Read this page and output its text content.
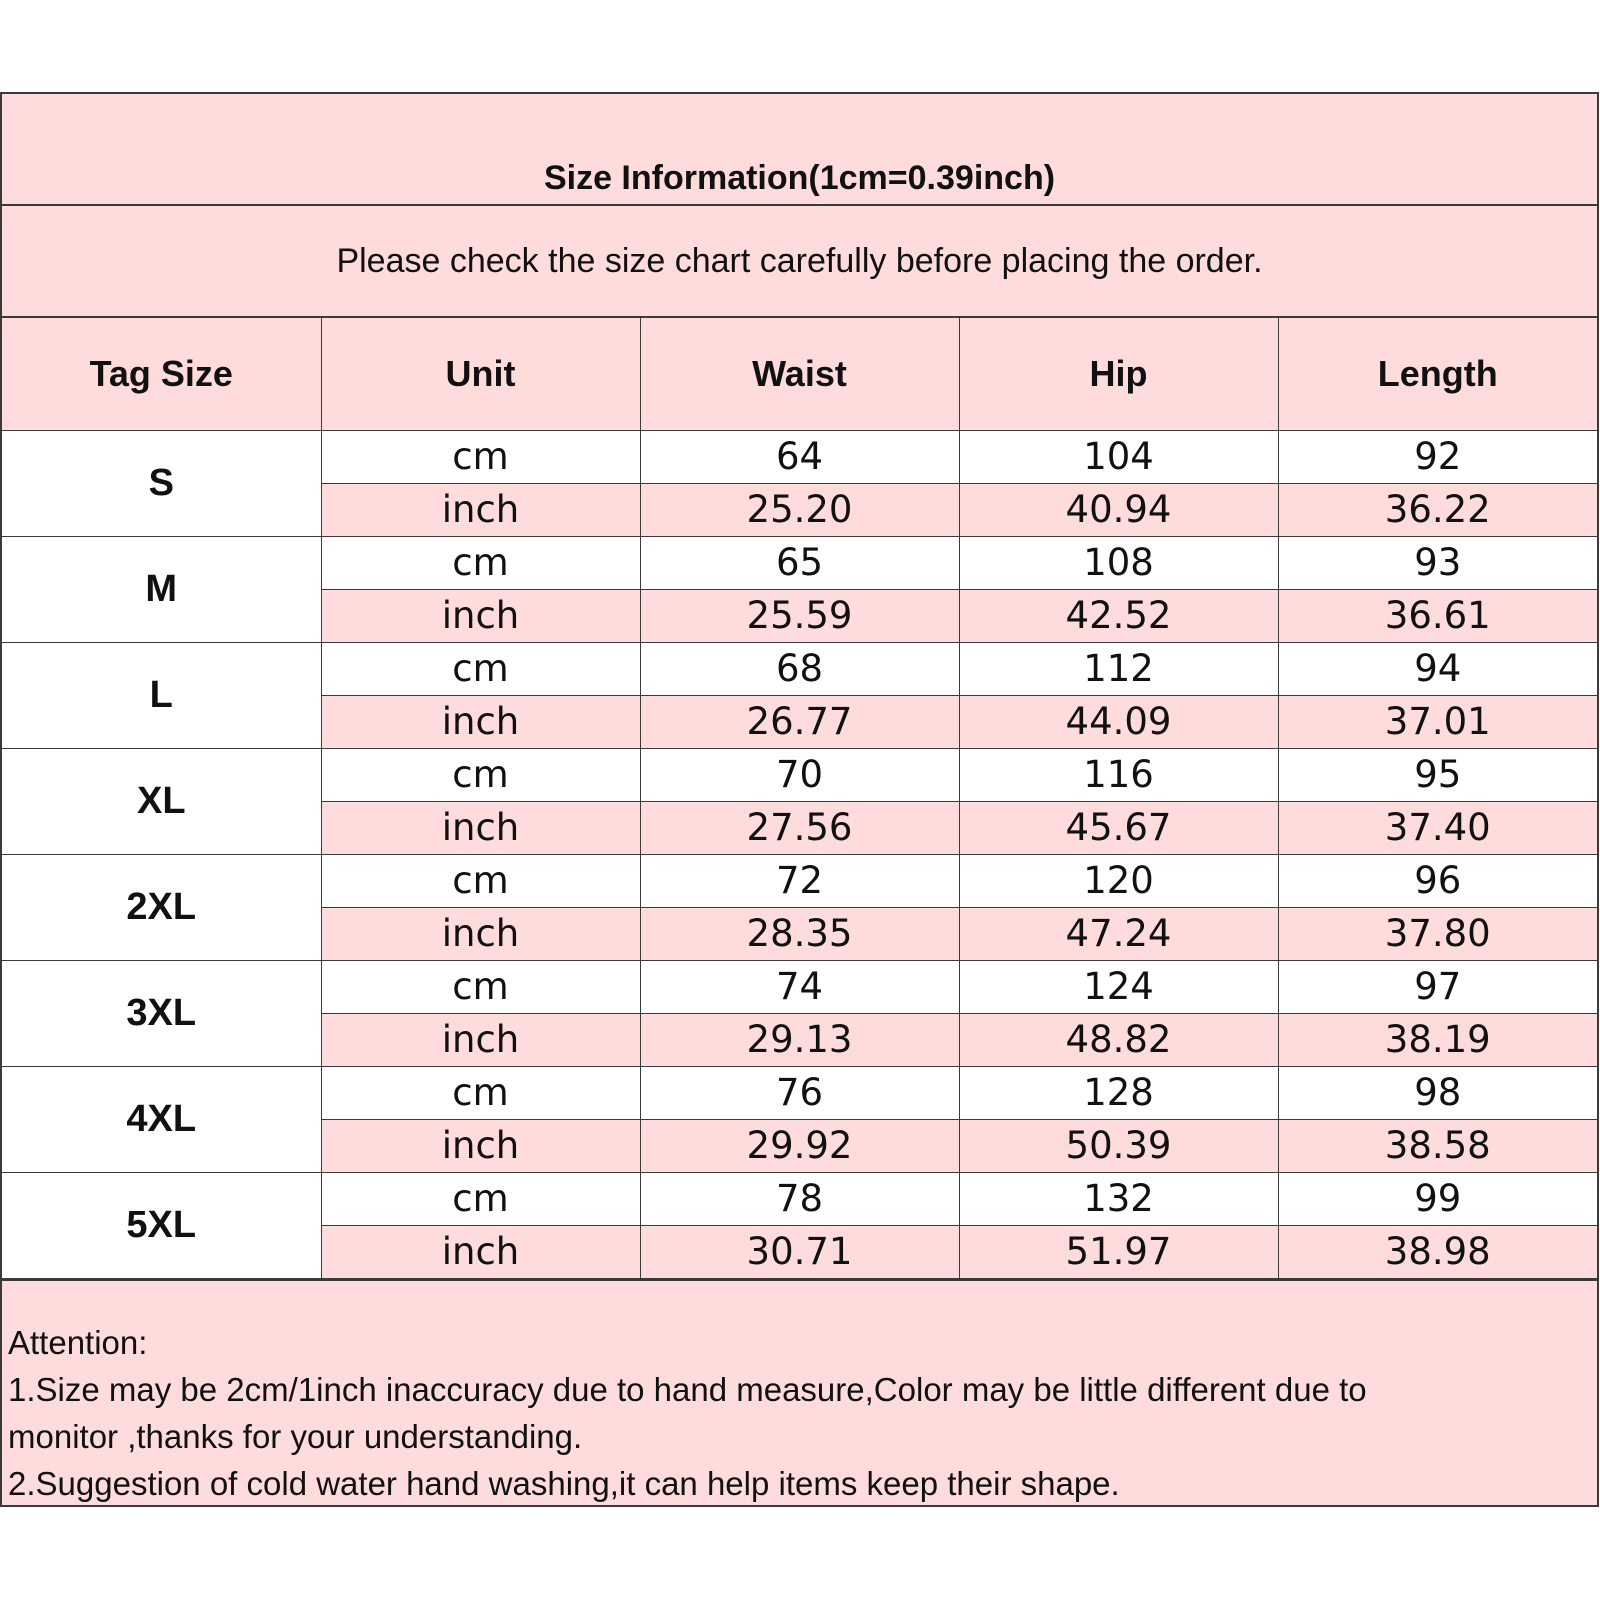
Size Information(1cm=0.39inch)
Please check the size chart carefully before placing the order.
Tag Size	Unit	Waist	Hip	Length
S	cm	64	104	92
	inch	25.20	40.94	36.22
M	cm	65	108	93
	inch	25.59	42.52	36.61
L	cm	68	112	94
	inch	26.77	44.09	37.01
XL	cm	70	116	95
	inch	27.56	45.67	37.40
2XL	cm	72	120	96
	inch	28.35	47.24	37.80
3XL	cm	74	124	97
	inch	29.13	48.82	38.19
4XL	cm	76	128	98
	inch	29.92	50.39	38.58
5XL	cm	78	132	99
	inch	30.71	51.97	38.98
Attention:
1.Size may be 2cm/1inch inaccuracy due to hand measure,Color may be little different due to
monitor ,thanks for your understanding.
2.Suggestion of cold water hand washing,it can help items keep their shape.
